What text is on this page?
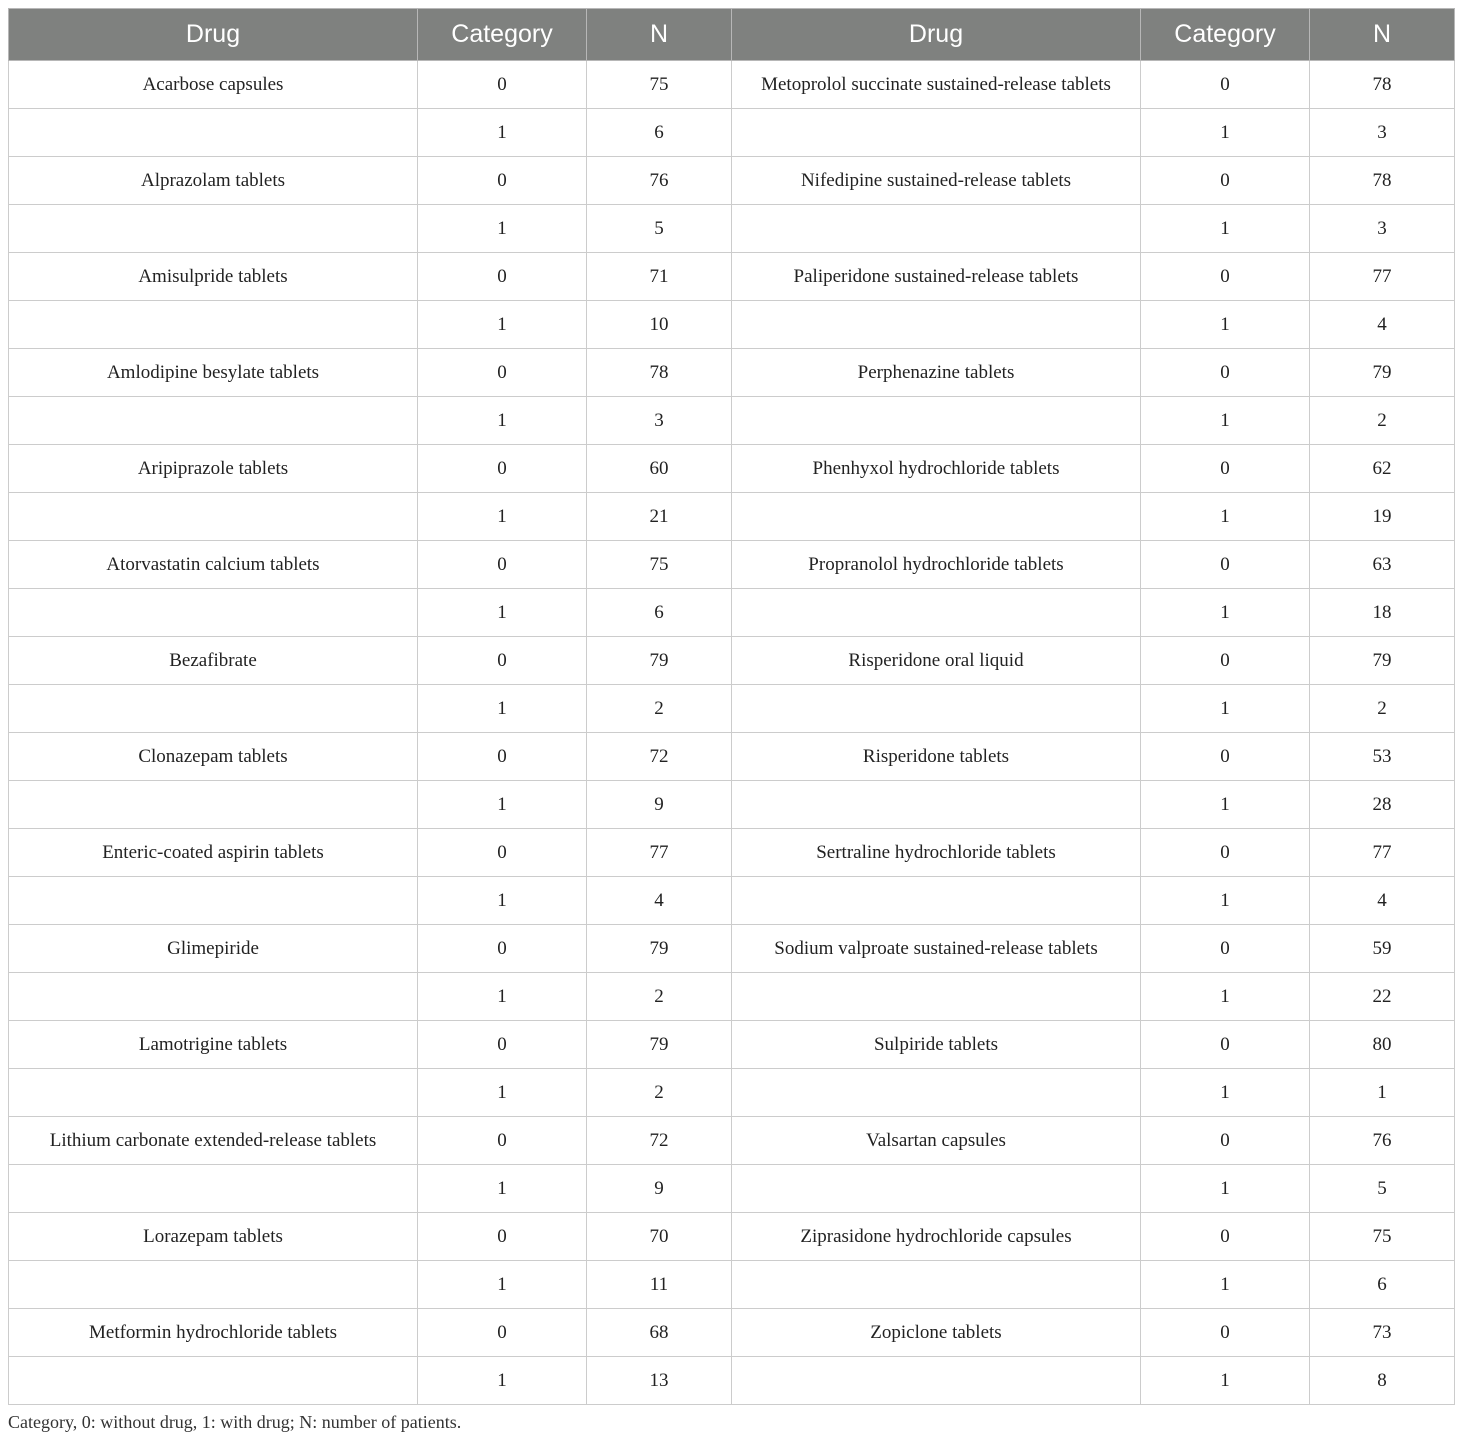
Drug	Category	N	Drug	Category	N
Acarbose capsules	0	75	Metoprolol succinate sustained-release tablets	0	78
	1	6		1	3
Alprazolam tablets	0	76	Nifedipine sustained-release tablets	0	78
	1	5		1	3
Amisulpride tablets	0	71	Paliperidone sustained-release tablets	0	77
	1	10		1	4
Amlodipine besylate tablets	0	78	Perphenazine tablets	0	79
	1	3		1	2
Aripiprazole tablets	0	60	Phenhyxol hydrochloride tablets	0	62
	1	21		1	19
Atorvastatin calcium tablets	0	75	Propranolol hydrochloride tablets	0	63
	1	6		1	18
Bezafibrate	0	79	Risperidone oral liquid	0	79
	1	2		1	2
Clonazepam tablets	0	72	Risperidone tablets	0	53
	1	9		1	28
Enteric-coated aspirin tablets	0	77	Sertraline hydrochloride tablets	0	77
	1	4		1	4
Glimepiride	0	79	Sodium valproate sustained-release tablets	0	59
	1	2		1	22
Lamotrigine tablets	0	79	Sulpiride tablets	0	80
	1	2		1	1
Lithium carbonate extended-release tablets	0	72	Valsartan capsules	0	76
	1	9		1	5
Lorazepam tablets	0	70	Ziprasidone hydrochloride capsules	0	75
	1	11		1	6
Metformin hydrochloride tablets	0	68	Zopiclone tablets	0	73
	1	13		1	8
Category, 0: without drug, 1: with drug; N: number of patients.
